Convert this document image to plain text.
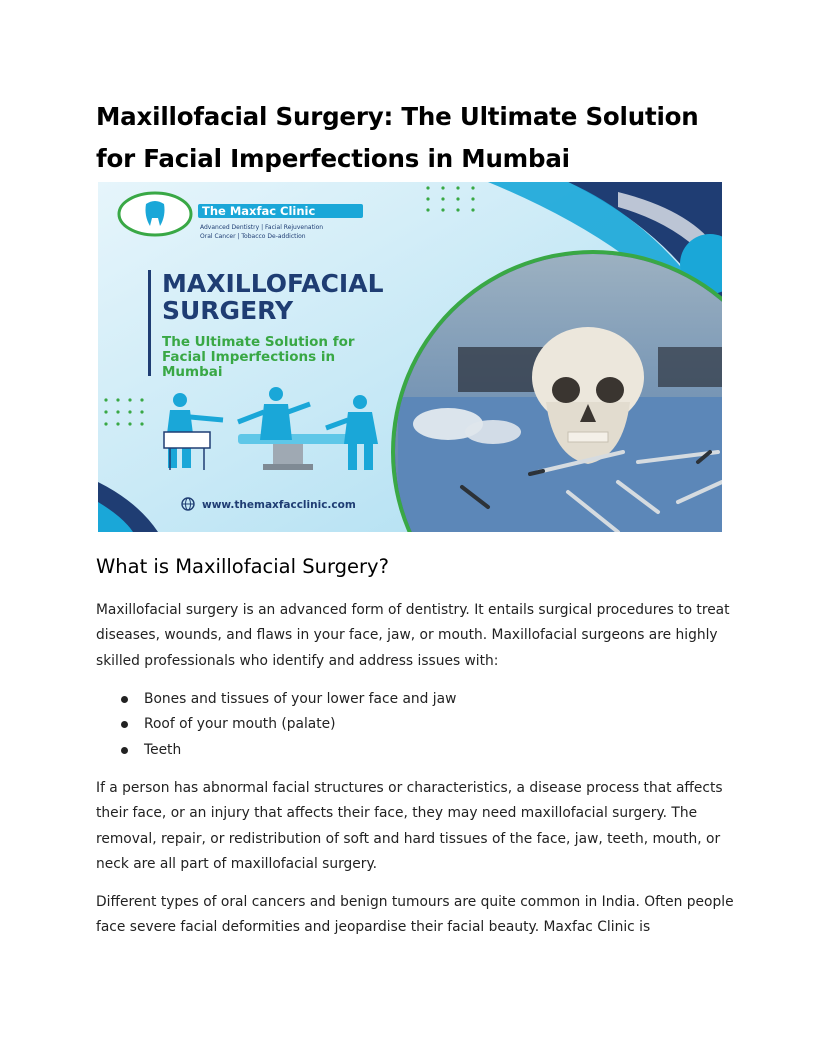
Maxillofacial Surgery: The Ultimate Solution for Facial Imperfections in Mumbai
The Maxfac Clinic
Advanced Dentistry | Facial Rejuvenation
Oral Cancer | Tobacco De-addiction
MAXILLOFACIAL
SURGERY
The Ultimate Solution for
Facial Imperfections in
Mumbai
www.themaxfacclinic.com
What is Maxillofacial Surgery?

Maxillofacial surgery is an advanced form of dentistry. It entails surgical procedures to treat diseases, wounds, and flaws in your face, jaw, or mouth. Maxillofacial surgeons are highly skilled professionals who identify and address issues with:

Bones and tissues of your lower face and jaw
Roof of your mouth (palate)
Teeth

If a person has abnormal facial structures or characteristics, a disease process that affects their face, or an injury that affects their face, they may need maxillofacial surgery. The removal, repair, or redistribution of soft and hard tissues of the face, jaw, teeth, mouth, or neck are all part of maxillofacial surgery.

Different types of oral cancers and benign tumours are quite common in India. Often people face severe facial deformities and jeopardise their facial beauty. Maxfac Clinic is
